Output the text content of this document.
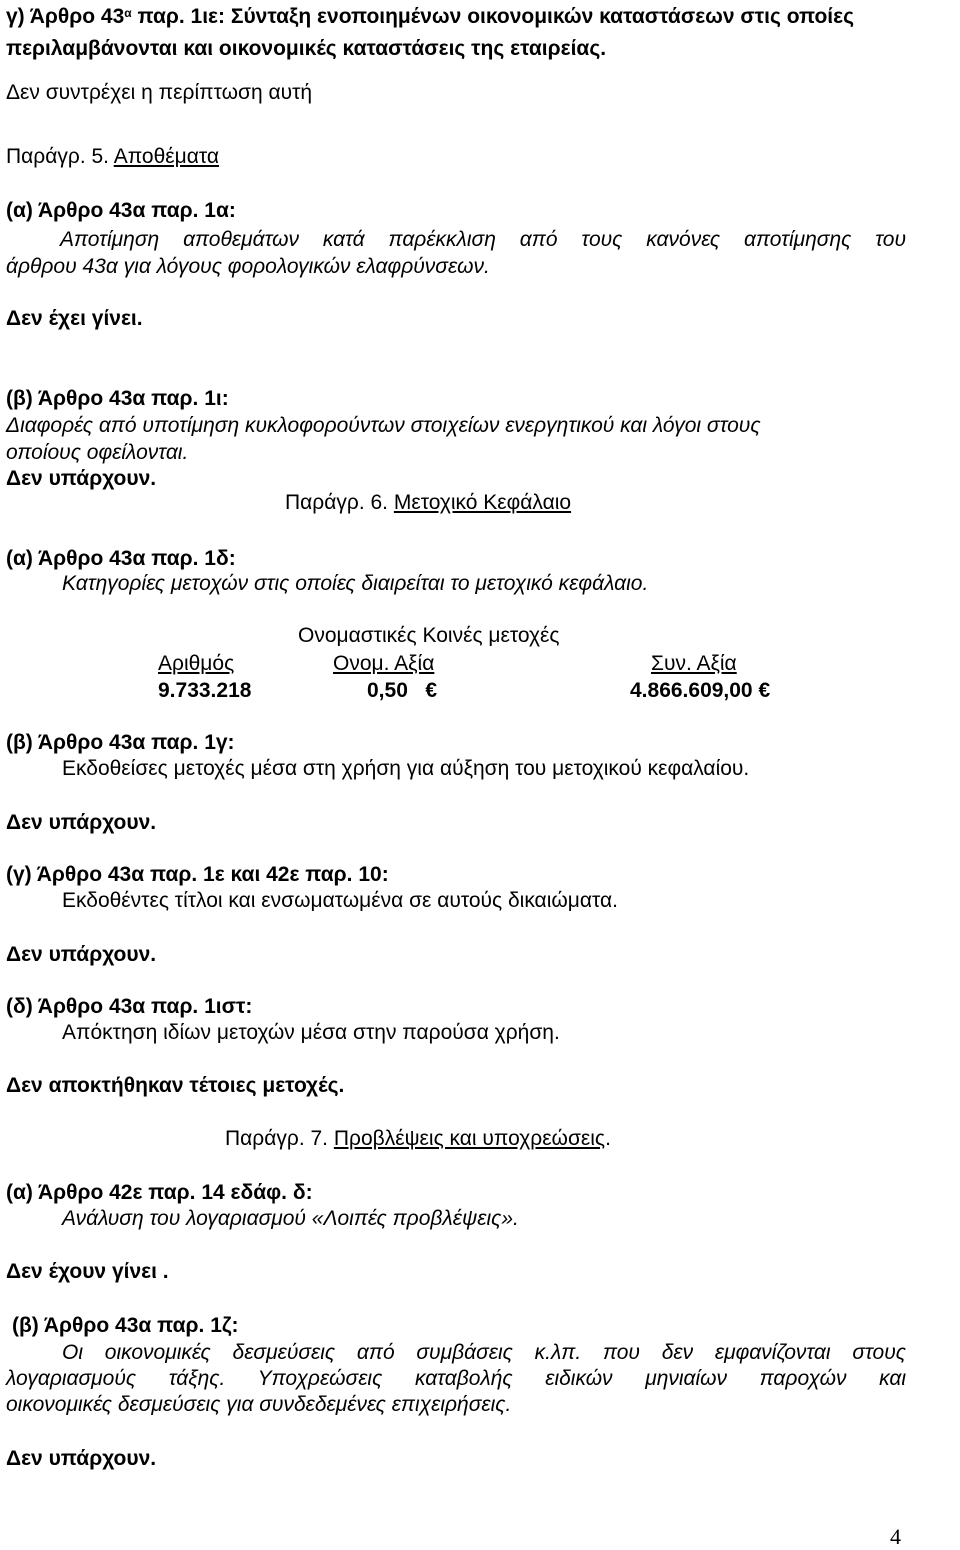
γ) Άρθρο $43^\alpha$ παρ. 1ιε: Σύνταξη ενοποιημένων οικονομικών καταστάσεων στις οποίες
περιλαμβάνονται και οικονομικές καταστάσεις της εταιρείας.
Δεν συντρέχει η περίπτωση αυτή
Παράγρ. 5. Αποθέματα
(α) Άρθρο 43α παρ. 1α:
Αποτίμηση αποθεμάτων κατά παρέκκλιση από τους κανόνες αποτίμησης του
άρθρου 43α για λόγους φορολογικών ελαφρύνσεων.
Δεν έχει γίνει.
(β) Άρθρο 43α παρ. 1ι:
Διαφορές από υποτίμηση κυκλοφορούντων στοιχείων ενεργητικού και λόγοι στους
οποίους οφείλονται.
Δεν υπάρχουν.
Παράγρ. 6. Μετοχικό Κεφάλαιο
(α) Άρθρο 43α παρ. 1δ:
Κατηγορίες μετοχών στις οποίες διαιρείται το μετοχικό κεφάλαιο.
Ονομαστικές Κοινές μετοχές
Αριθμός	Ονομ. Αξία	Συν. Αξία
9.733.218	0,50 €	4.866.609,00 €
(β) Άρθρο 43α παρ. 1γ:
Εκδοθείσες μετοχές μέσα στη χρήση για αύξηση του μετοχικού κεφαλαίου.
Δεν υπάρχουν.
(γ) Άρθρο 43α παρ. 1ε και 42ε παρ. 10:
Εκδοθέντες τίτλοι και ενσωματωμένα σε αυτούς δικαιώματα.
Δεν υπάρχουν.
(δ) Άρθρο 43α παρ. 1ιστ:
Απόκτηση ιδίων μετοχών μέσα στην παρούσα χρήση.
Δεν αποκτήθηκαν τέτοιες μετοχές.
Παράγρ. 7. Προβλέψεις και υποχρεώσεις.
(α) Άρθρο 42ε παρ. 14 εδάφ. δ:
Ανάλυση του λογαριασμού «Λοιπές προβλέψεις».
Δεν έχουν γίνει .
(β) Άρθρο 43α παρ. 1ζ:
Οι οικονομικές δεσμεύσεις από συμβάσεις κ.λπ. που δεν εμφανίζονται στους
λογαριασμούς τάξης. Υποχρεώσεις καταβολής ειδικών μηνιαίων παροχών και
οικονομικές δεσμεύσεις για συνδεδεμένες επιχειρήσεις.
Δεν υπάρχουν.
4
